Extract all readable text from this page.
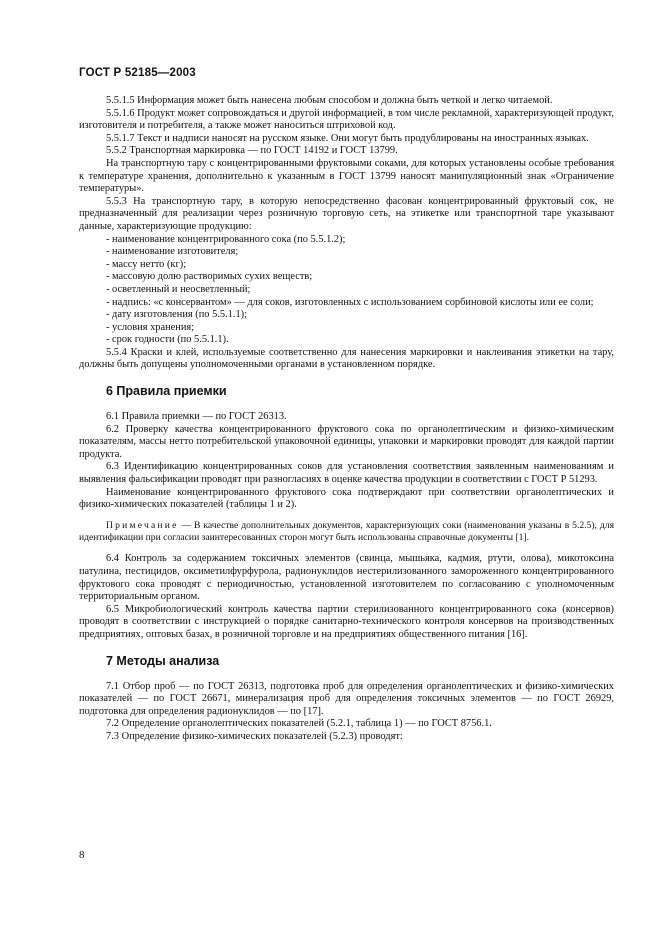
ГОСТ Р 52185—2003

5.5.1.5 Информация может быть нанесена любым способом и должна быть четкой и легко читаемой.

5.5.1.6 Продукт может сопровождаться и другой информацией, в том числе рекламной, характеризующей продукт, изготовителя и потребителя, а также может наноситься штриховой код.

5.5.1.7 Текст и надписи наносят на русском языке. Они могут быть продублированы на иностранных языках.

5.5.2 Транспортная маркировка — по ГОСТ 14192 и ГОСТ 13799.

На транспортную тару с концентрированными фруктовыми соками, для которых установлены особые требования к температуре хранения, дополнительно к указанным в ГОСТ 13799 наносят манипуляционный знак «Ограничение температуры».

5.5.3 На транспортную тару, в которую непосредственно фасован концентрированный фруктовый сок, не предназначенный для реализации через розничную торговую сеть, на этикетке или транспортной таре указывают данные, характеризующие продукцию:

- наименование концентрированного сока (по 5.5.1.2);

- наименование изготовителя;

- массу нетто (кг);

- массовую долю растворимых сухих веществ;

- осветленный и неосветленный;

- надпись: «с консервантом» — для соков, изготовленных с использованием сорбиновой кислоты или ее соли;

- дату изготовления (по 5.5.1.1);

- условия хранения;

- срок годности (по 5.5.1.1).

5.5.4 Краски и клей, используемые соответственно для нанесения маркировки и наклеивания этикетки на тару, должны быть допущены уполномоченными органами в установленном порядке.

6 Правила приемки

6.1 Правила приемки — по ГОСТ 26313.

6.2 Проверку качества концентрированного фруктового сока по органолептическим и физико-химическим показателям, массы нетто потребительской упаковочной единицы, упаковки и маркировки проводят для каждой партии продукта.

6.3 Идентификацию концентрированных соков для установления соответствия заявленным наименованиям и выявления фальсификации проводят при разногласиях в оценке качества продукции в соответствии с ГОСТ Р 51293.

Наименование концентрированного фруктового сока подтверждают при соответствии органолептических и физико-химических показателей (таблицы 1 и 2).

Примечание — В качестве дополнительных документов, характеризующих соки (наименования указаны в 5.2.5), для идентификации при согласии заинтересованных сторон могут быть использованы справочные документы [1].

6.4 Контроль за содержанием токсичных элементов (свинца, мышьяка, кадмия, ртути, олова), микотоксина патулина, пестицидов, оксиметилфурфурола, радионуклидов нестерилизованного замороженного концентрированного фруктового сока проводят с периодичностью, установленной изготовителем по согласованию с уполномоченным территориальным органом.

6.5 Микробиологический контроль качества партии стерилизованного концентрированного сока (консервов) проводят в соответствии с инструкцией о порядке санитарно-технического контроля консервов на производственных предприятиях, оптовых базах, в розничной торговле и на предприятиях общественного питания [16].

7 Методы анализа

7.1 Отбор проб — по ГОСТ 26313, подготовка проб для определения органолептических и физико-химических показателей — по ГОСТ 26671, минерализация проб для определения токсичных элементов — по ГОСТ 26929, подготовка для определения радионуклидов — по [17].

7.2 Определение органолептических показателей (5.2.1, таблица 1) — по ГОСТ 8756.1.

7.3 Определение физико-химических показателей (5.2.3) проводят:

8
